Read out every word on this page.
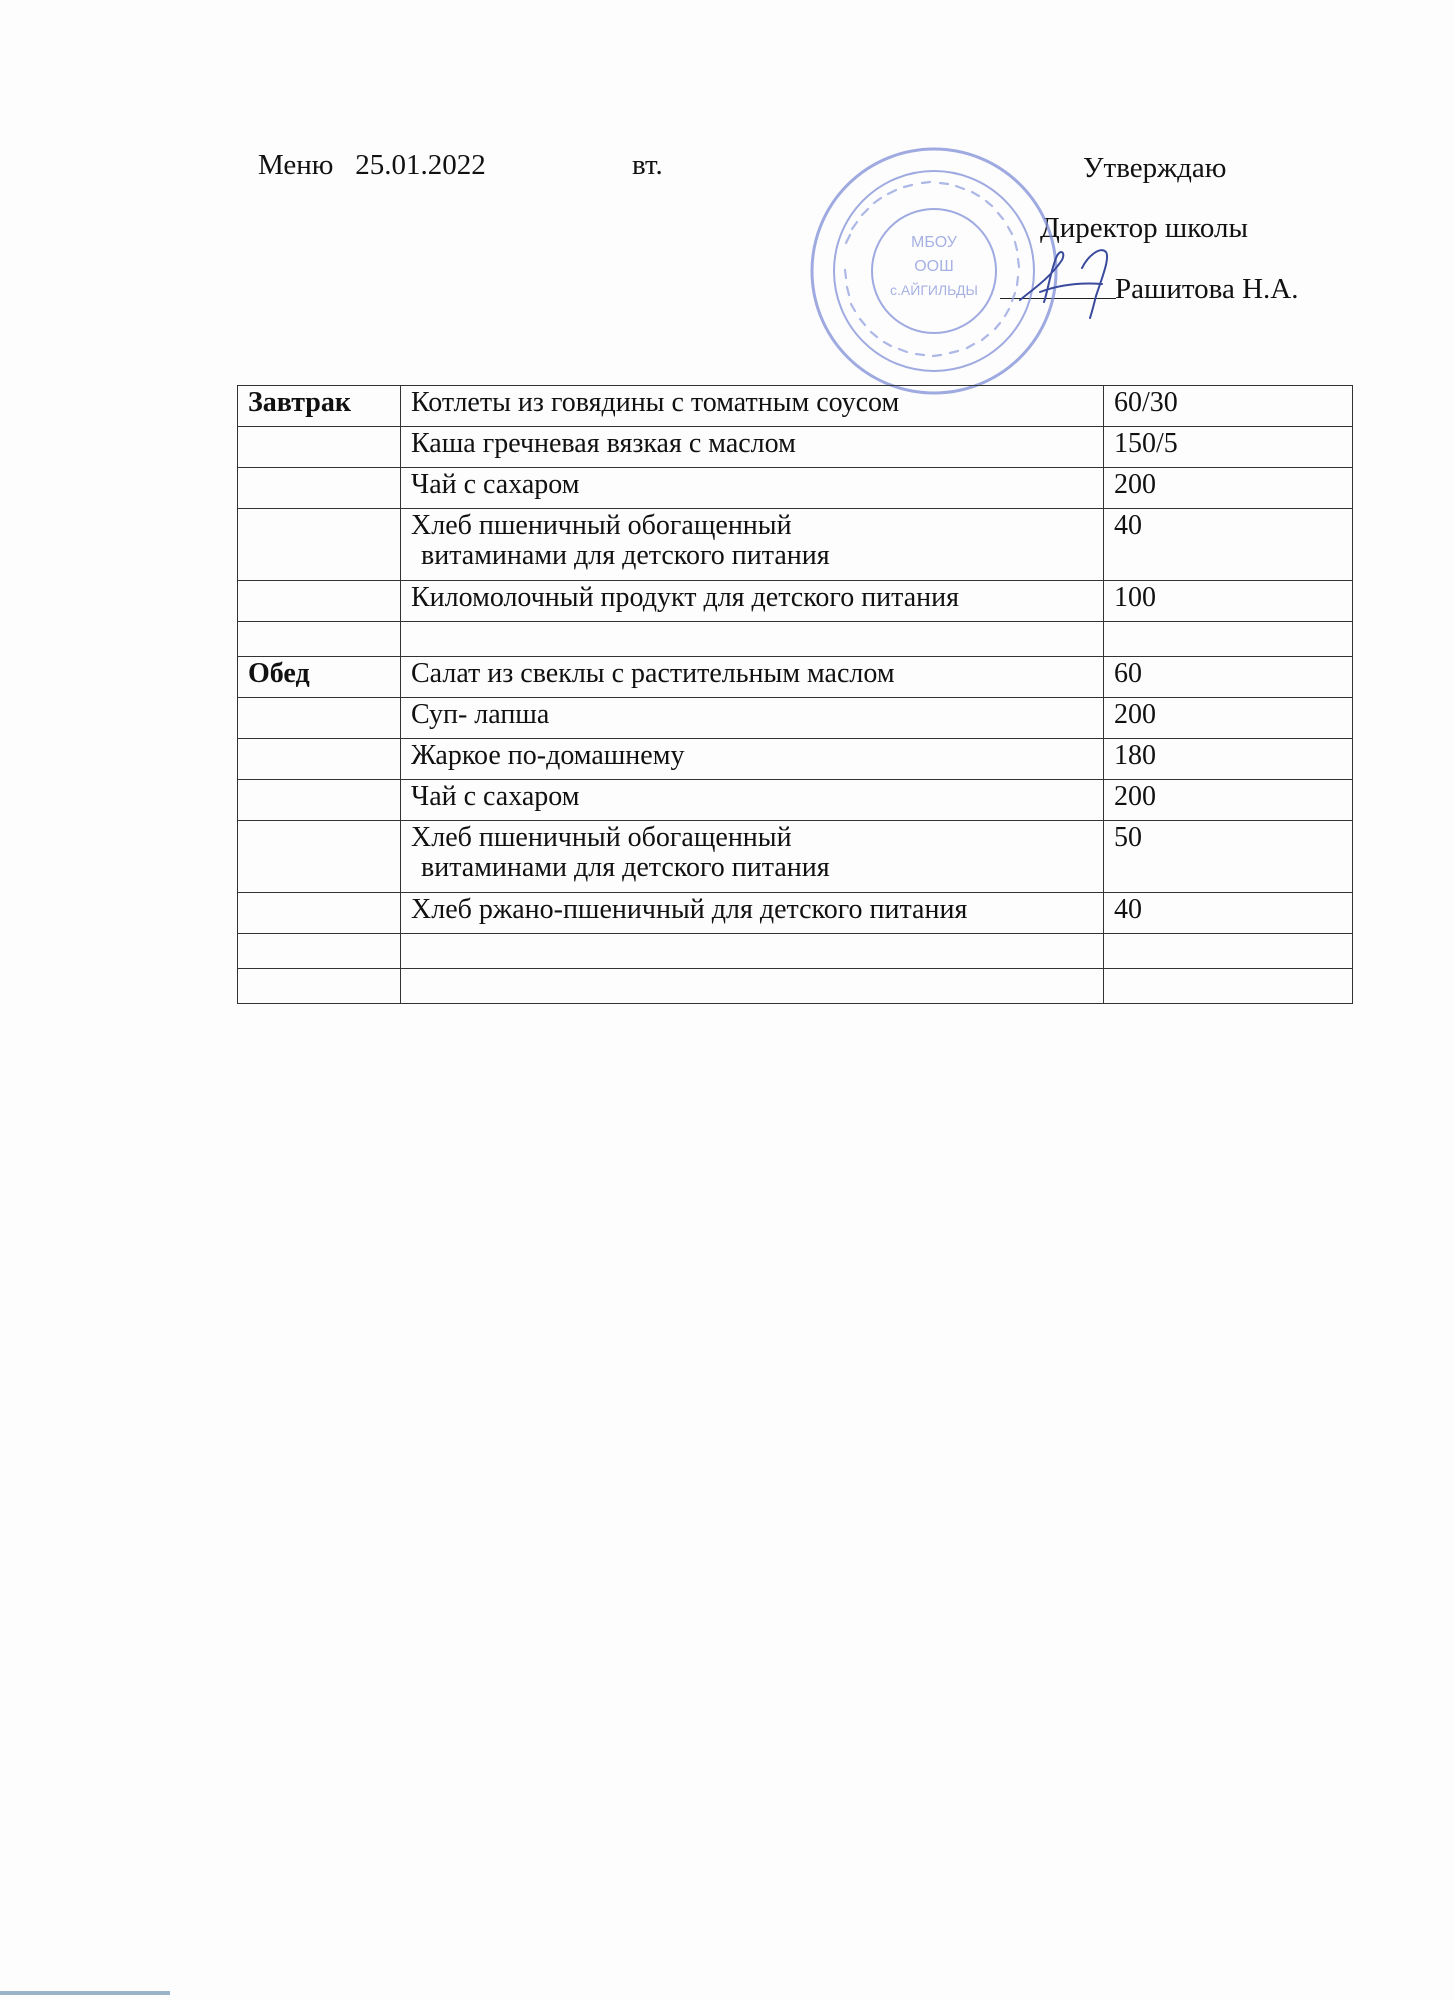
Меню   25.01.2022	вт.	Утверждаю
Директор школы
Рашитова Н.А.
МБОУ
ООШ
с.АЙГИЛЬДЫ
Завтрак	Котлеты из говядины с томатным соусом	60/30

	Каша гречневая вязкая с маслом	150/5

	Чай с сахаром	200

	Хлеб пшеничный обогащенный
витаминами для детского питания	40

	Киломолочный продукт для детского питания	100

Обед	Салат из свеклы с растительным маслом	60

	Суп- лапша	200

	Жаркое по-домашнему	180

	Чай с сахаром	200

	Хлеб пшеничный обогащенный
витаминами для детского питания	50

	Хлеб ржано-пшеничный для детского питания	40
